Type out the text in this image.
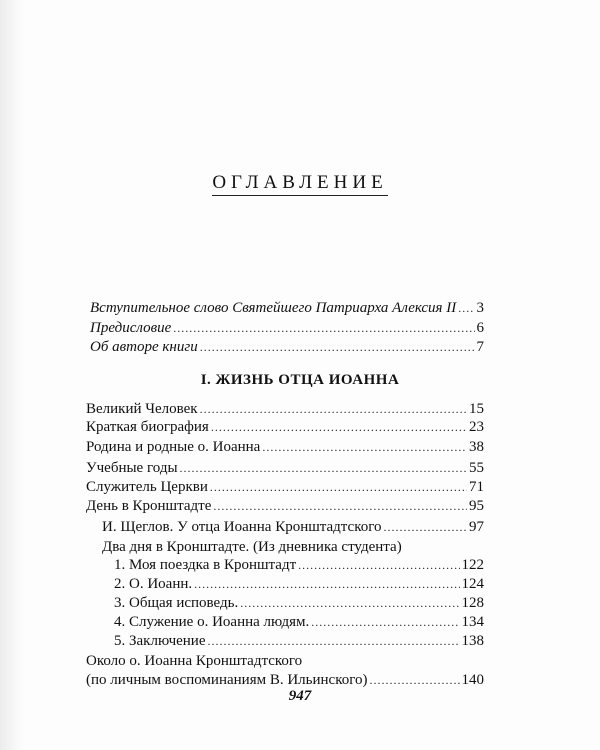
ОГЛАВЛЕНИЕ
Вступительное слово Святейшего Патриарха Алексия II ..... 3
Предисловие .....	6
Об авторе книги .....	7
I. ЖИЗНЬ ОТЦА ИОАННА
Великий Человек .....	15
Краткая биография .....	23
Родина и родные о. Иоанна .....	38
Учебные годы .....	55
Служитель Церкви .....	71
День в Кронштадте .....	95
И. Щеглов. У отца Иоанна Кронштадтского .....	97
Два дня в Кронштадте. (Из дневника студента)
1. Моя поездка в Кронштадт .....	122
2. О. Иоанн. .....	124
3. Общая исповедь. .....	128
4. Служение о. Иоанна людям. .....	134
5. Заключение .....	138
Около о. Иоанна Кронштадтского
(по личным воспоминаниям В. Ильинского) .....	140
947
